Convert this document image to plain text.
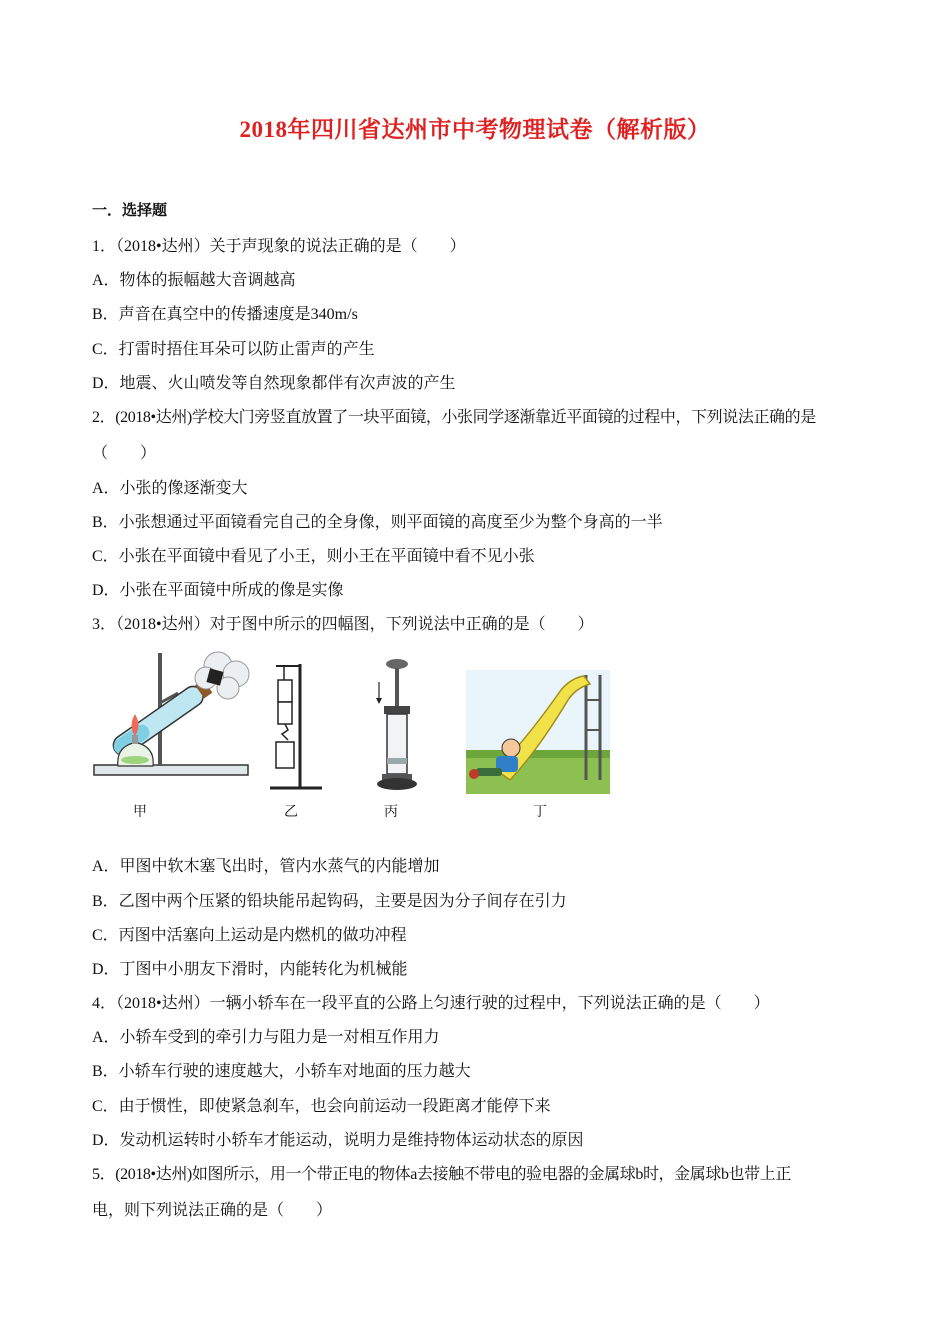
2018年四川省达州市中考物理试卷（解析版）
一．选择题
1．（2018•达州）关于声现象的说法正确的是（　　）
A．物体的振幅越大音调越高
B．声音在真空中的传播速度是340m/s
C．打雷时捂住耳朵可以防止雷声的产生
D．地震、火山喷发等自然现象都伴有次声波的产生
2．(2018•达州)学校大门旁竖直放置了一块平面镜，小张同学逐渐靠近平面镜的过程中，下列说法正确的是
（　　）
A．小张的像逐渐变大
B．小张想通过平面镜看完自己的全身像，则平面镜的高度至少为整个身高的一半
C．小张在平面镜中看见了小王，则小王在平面镜中看不见小张
D．小张在平面镜中所成的像是实像
3．（2018•达州）对于图中所示的四幅图，下列说法中正确的是（　　）
甲	乙	丙	丁
A．甲图中软木塞飞出时，管内水蒸气的内能增加
B．乙图中两个压紧的铅块能吊起钩码，主要是因为分子间存在引力
C．丙图中活塞向上运动是内燃机的做功冲程
D．丁图中小朋友下滑时，内能转化为机械能
4．（2018•达州）一辆小轿车在一段平直的公路上匀速行驶的过程中，下列说法正确的是（　　）
A．小轿车受到的牵引力与阻力是一对相互作用力
B．小轿车行驶的速度越大，小轿车对地面的压力越大
C．由于惯性，即使紧急刹车，也会向前运动一段距离才能停下来
D．发动机运转时小轿车才能运动，说明力是维持物体运动状态的原因
5．(2018•达州)如图所示，用一个带正电的物体a去接触不带电的验电器的金属球b时，金属球b也带上正
电，则下列说法正确的是（　　）
